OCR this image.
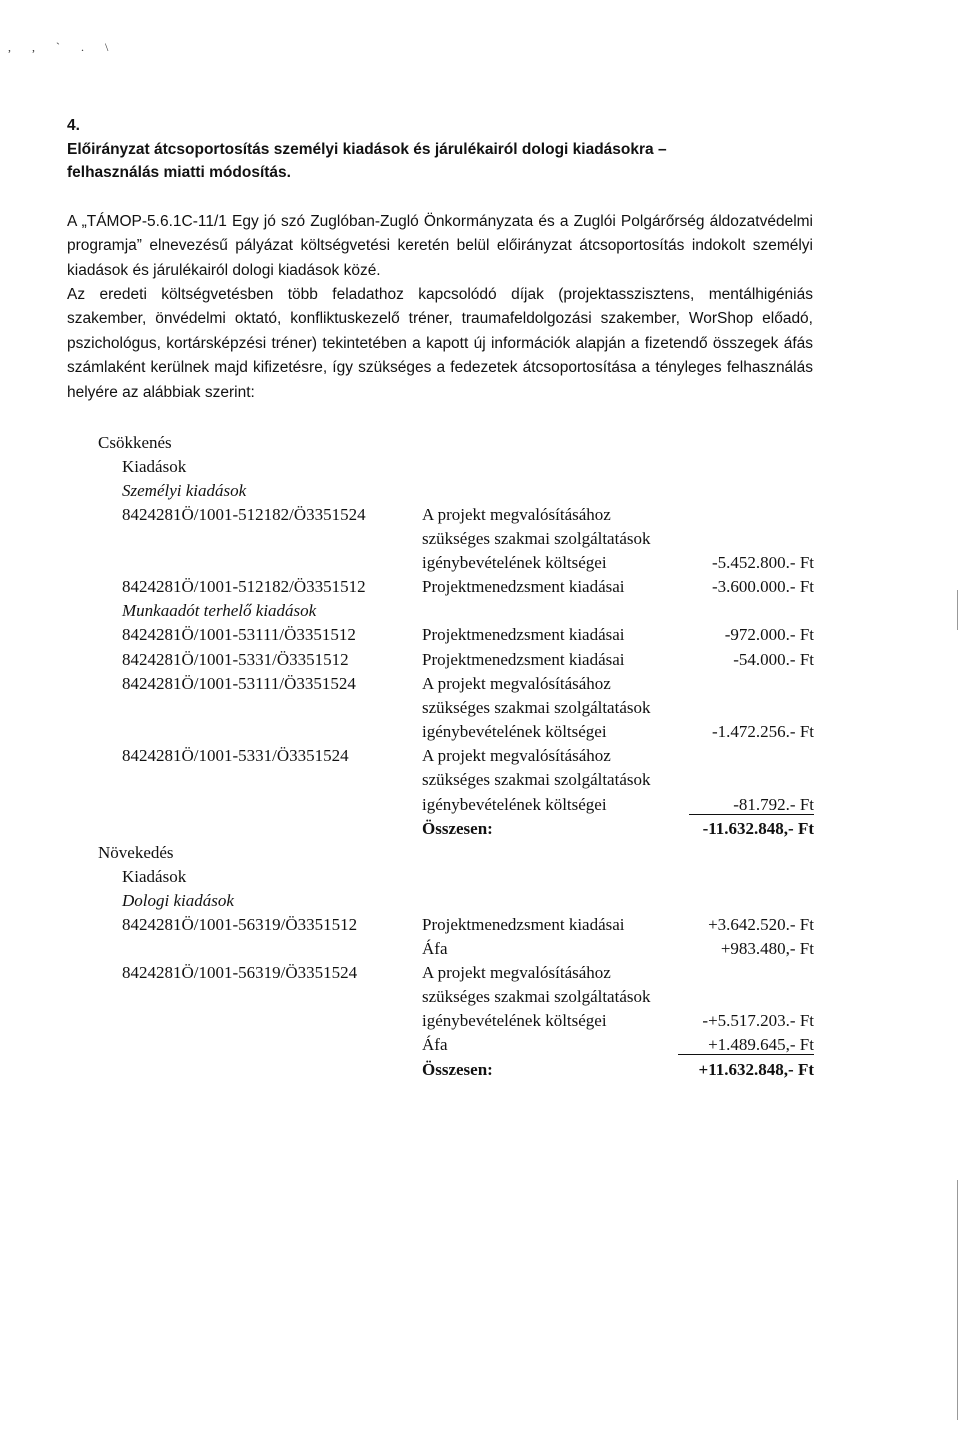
, , ` . \
4.
Előirányzat átcsoportosítás személyi kiadások és járulékairól dologi kiadásokra –
felhasználás miatti módosítás.

A „TÁMOP-5.6.1C-11/1 Egy jó szó Zuglóban-Zugló Önkormányzata és a Zuglói Polgárőrség áldozatvédelmi programja” elnevezésű pályázat költségvetési keretén belül előirányzat átcsoportosítás indokolt személyi kiadások és járulékairól dologi kiadások közé.

Az eredeti költségvetésben több feladathoz kapcsolódó díjak (projektasszisztens, mentálhigéniás szakember, önvédelmi oktató, konfliktuskezelő tréner, traumafeldolgozási szakember, WorShop előadó, pszichológus, kortársképzési tréner) tekintetében a kapott új információk alapján a fizetendő összegek áfás számlaként kerülnek majd kifizetésre, így szükséges a fedezetek átcsoportosítása a tényleges felhasználás helyére az alábbiak szerint:

Csökkenés
Kiadások
Személyi kiadások
8424281Ö/1001-512182/Ö3351524	A projekt megvalósításához
szükséges szakmai szolgáltatások
igénybevételének költségei	-5.452.800.- Ft
8424281Ö/1001-512182/Ö3351512	Projektmenedzsment kiadásai	-3.600.000.- Ft
Munkaadót terhelő kiadások
8424281Ö/1001-53111/Ö3351512	Projektmenedzsment kiadásai	-972.000.- Ft
8424281Ö/1001-5331/Ö3351512	Projektmenedzsment kiadásai	-54.000.- Ft
8424281Ö/1001-53111/Ö3351524	A projekt megvalósításához
szükséges szakmai szolgáltatások
igénybevételének költségei	-1.472.256.- Ft
8424281Ö/1001-5331/Ö3351524	A projekt megvalósításához
szükséges szakmai szolgáltatások
igénybevételének költségei	-81.792.- Ft
Összesen:	-11.632.848,- Ft
Növekedés
Kiadások
Dologi kiadások
8424281Ö/1001-56319/Ö3351512	Projektmenedzsment kiadásai	+3.642.520.- Ft
Áfa	+983.480,- Ft
8424281Ö/1001-56319/Ö3351524	A projekt megvalósításához
szükséges szakmai szolgáltatások
igénybevételének költségei	-+5.517.203.- Ft
Áfa	+1.489.645,- Ft
Összesen:	+11.632.848,- Ft
